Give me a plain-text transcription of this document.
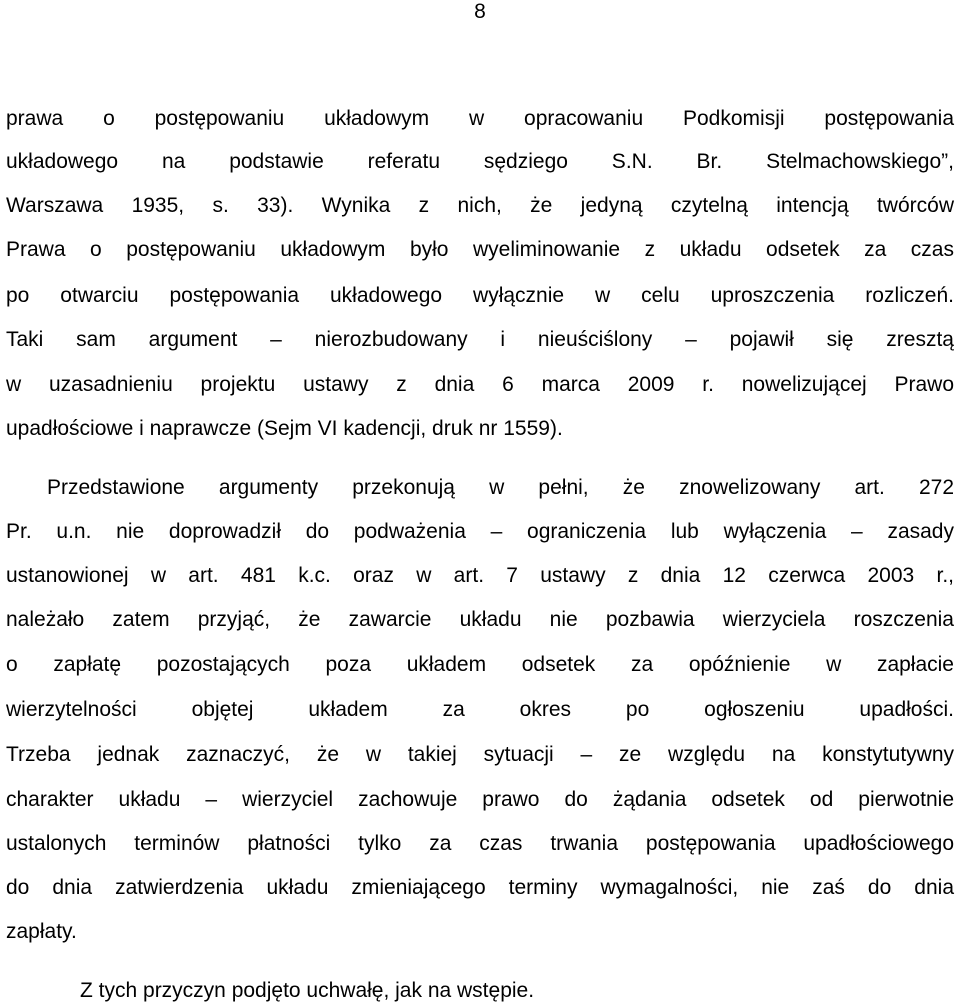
8
prawa o postępowaniu układowym w opracowaniu Podkomisji postępowania
układowego na podstawie referatu sędziego S.N. Br. Stelmachowskiego”,
Warszawa 1935, s. 33). Wynika z nich, że jedyną czytelną intencją twórców
Prawa o postępowaniu układowym było wyeliminowanie z układu odsetek za czas
po otwarciu postępowania układowego wyłącznie w celu uproszczenia rozliczeń.
Taki sam argument – nierozbudowany i nieuściślony – pojawił się zresztą
w uzasadnieniu projektu ustawy z dnia 6 marca 2009 r. nowelizującej Prawo
upadłościowe i naprawcze (Sejm VI kadencji, druk nr 1559).
Przedstawione argumenty przekonują w pełni, że znowelizowany art. 272
Pr. u.n. nie doprowadził do podważenia – ograniczenia lub wyłączenia – zasady
ustanowionej w art. 481 k.c. oraz w art. 7 ustawy z dnia 12 czerwca 2003 r.,
należało zatem przyjąć, że zawarcie układu nie pozbawia wierzyciela roszczenia
o zapłatę pozostających poza układem odsetek za opóźnienie w zapłacie
wierzytelności objętej układem za okres po ogłoszeniu upadłości.
Trzeba jednak zaznaczyć, że w takiej sytuacji – ze względu na konstytutywny
charakter układu – wierzyciel zachowuje prawo do żądania odsetek od pierwotnie
ustalonych terminów płatności tylko za czas trwania postępowania upadłościowego
do dnia zatwierdzenia układu zmieniającego terminy wymagalności, nie zaś do dnia
zapłaty.
Z tych przyczyn podjęto uchwałę, jak na wstępie.
